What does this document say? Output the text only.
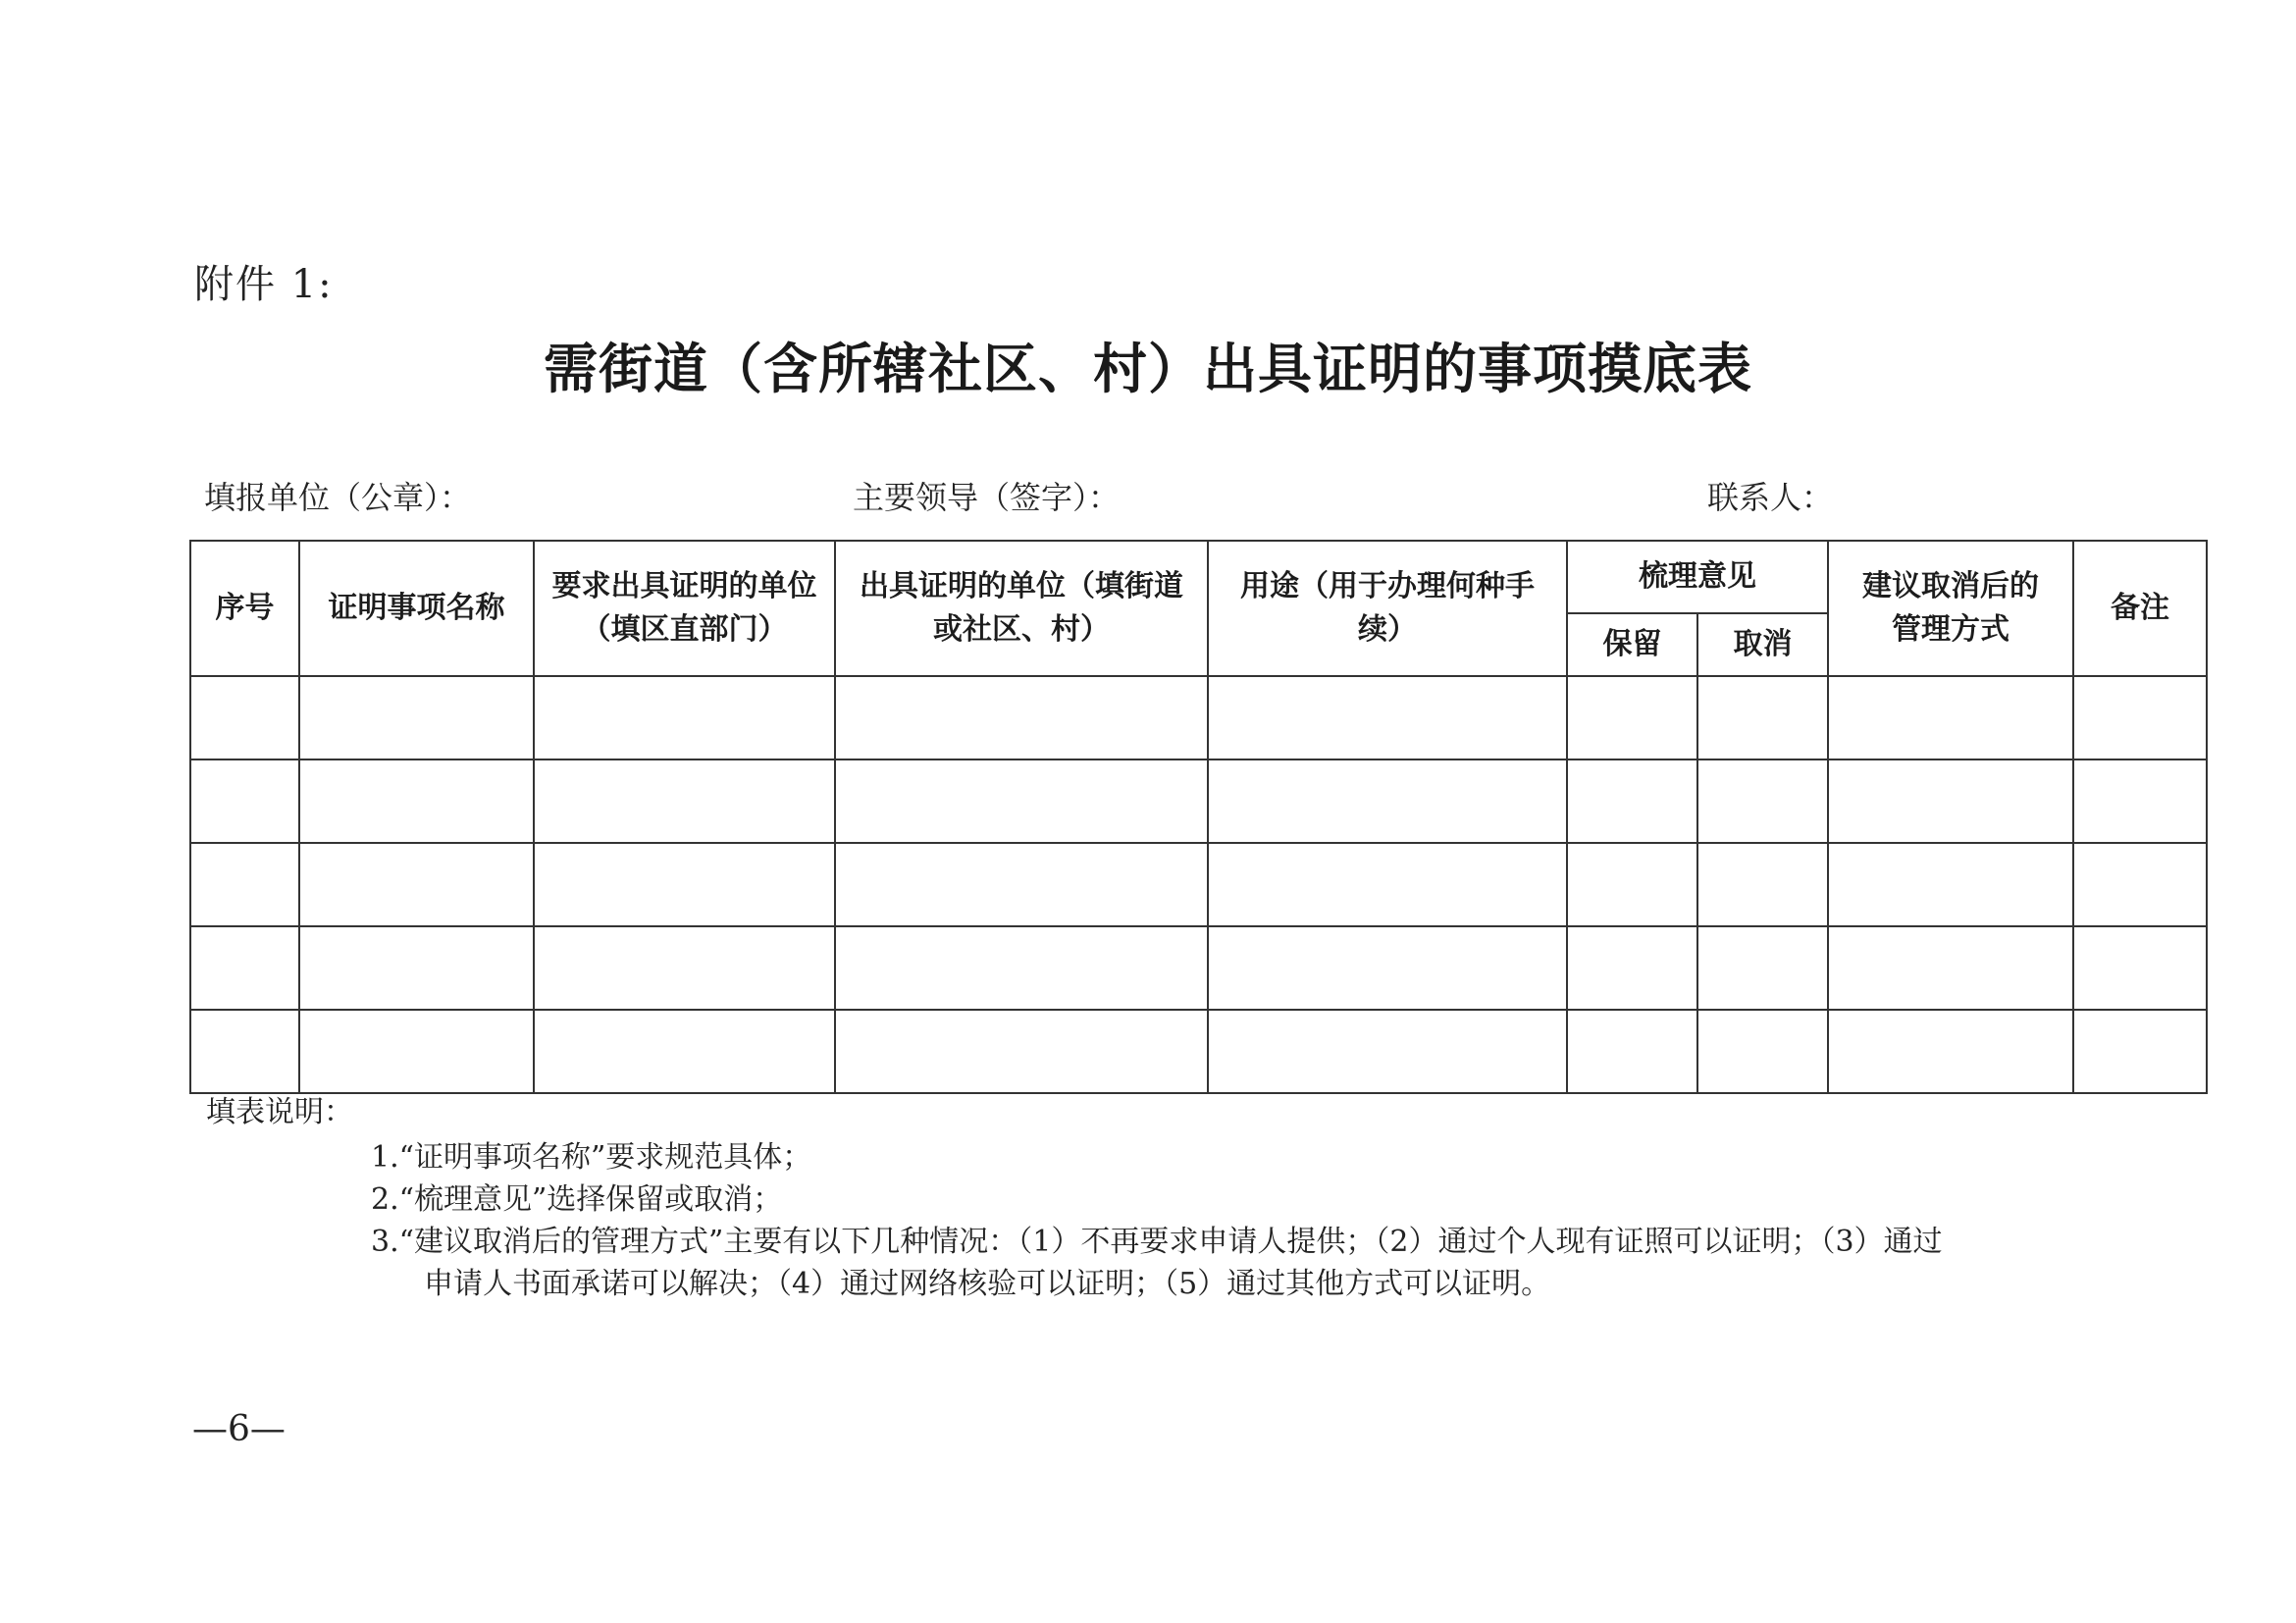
附件 1:
需街道（含所辖社区、村）出具证明的事项摸底表
填报单位（公章）：	主要领导（签字）：	联系人：
序号	证明事项名称	要求出具证明的单位（填区直部门）	出具证明的单位（填街道或社区、村）	用途（用于办理何种手续）	梳理意见		建议取消后的管理方式	备注
					保留	取消		

填表说明：
1.“证明事项名称”要求规范具体；
2.“梳理意见”选择保留或取消；
3.“建议取消后的管理方式”主要有以下几种情况：（1）不再要求申请人提供；（2）通过个人现有证照可以证明；（3）通过
申请人书面承诺可以解决；（4）通过网络核验可以证明；（5）通过其他方式可以证明。
—6—
